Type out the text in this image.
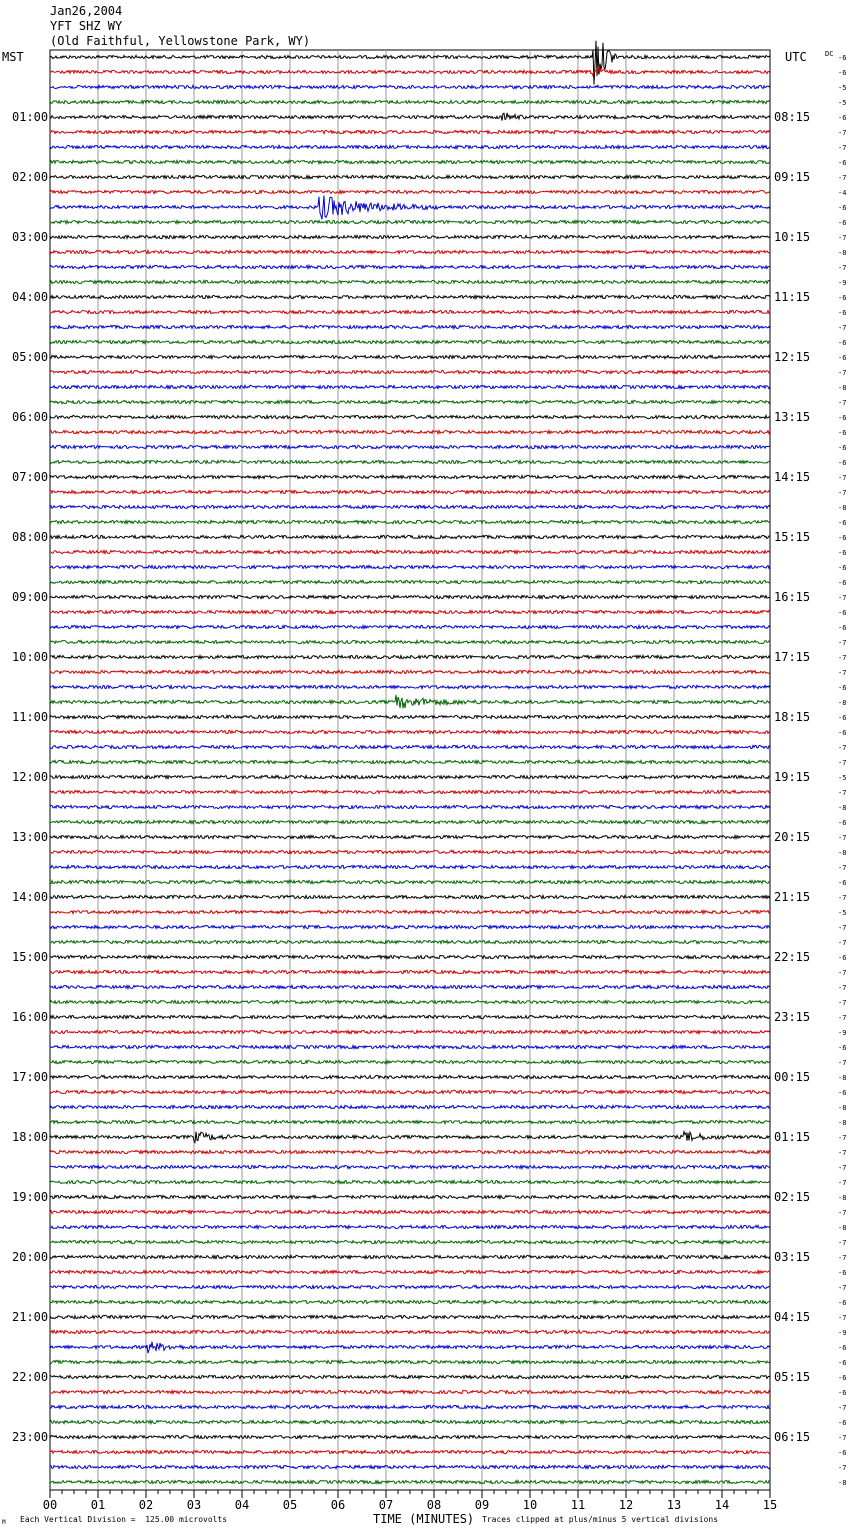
Jan26,2004
YFT SHZ WY
(Old Faithful, Yellowstone Park, WY)
MST	UTC	-6
-6
-5
-5
-6
-7
-7
-6
-7
-4
-6
-6
-7
-8
-7
-9
-6
-6
-7
-6
-6
-7
-8
-7
-6
-6
-6
-6
-7
-7
-8
-6
-6
-6
-6
-6
-7
-6
-6
-7
-7
-7
-6
-8
-6
-6
-7
-7
-5
-7
-8
-6
-7
-8
-7
-6
-7
-5
-7
-7
-6
-7
-7
-7
-7
-9
-6
-7
-8
-6
-8
-8
-7
-7
-7
-7
-8
-7
-8
-7
-7
-6
-7
-6
-7
-9
-6
-6
-6
-6
-7
-6
-7
-6
-7
-8
DC
01:00
02:00
03:00
04:00
05:00
06:00
07:00
08:00
09:00
10:00
11:00
12:00
13:00
14:00
15:00
16:00
17:00
18:00
19:00
20:00
21:00
22:00
23:00
08:15
09:15
10:15
11:15
12:15
13:15
14:15
15:15
16:15
17:15
18:15
19:15
20:15
21:15
22:15
23:15
00:15
01:15
02:15
03:15
04:15
05:15
06:15
00	01	02	03	04	05	06	07	08	09	10	11	12	13	14	15
M Each Vertical Division =  125.00 microvolts	TIME (MINUTES) Traces clipped at plus/minus 5 vertical divisions
